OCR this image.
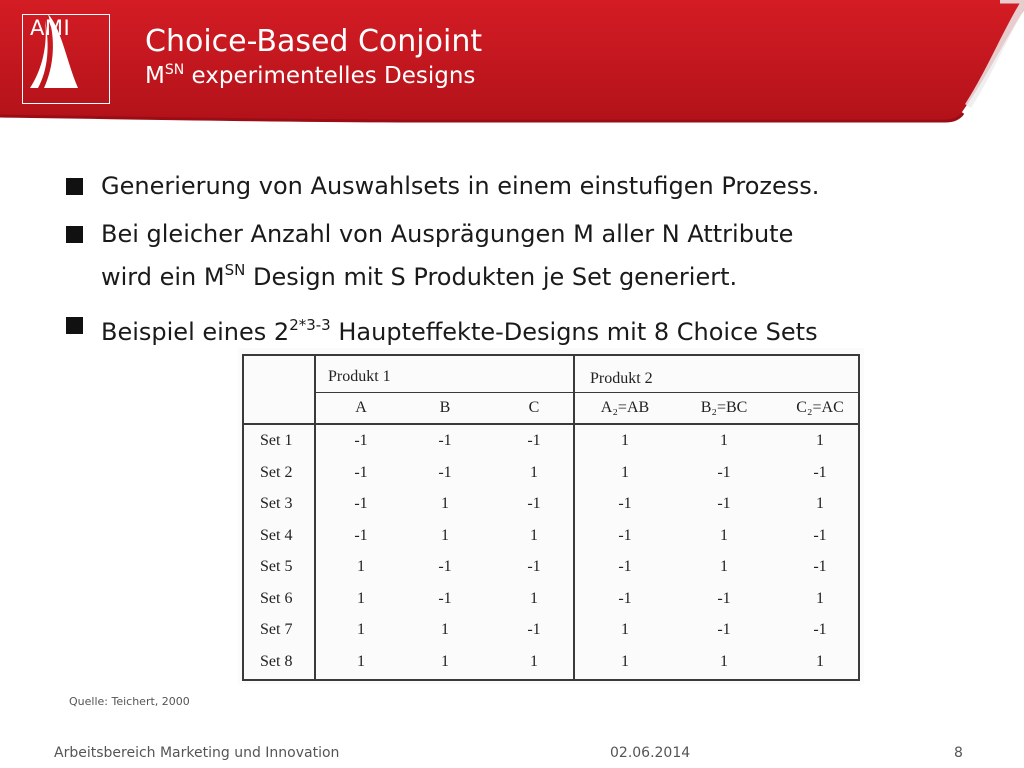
AMI Choice-Based Conjoint
$M^{SN}$ experimentelles Designs
Generierung von Auswahlsets in einem einstufigen Prozess.
Bei gleicher Anzahl von Ausprägungen M aller N Attribute
wird ein $M^{SN}$ Design mit S Produkten je Set generiert.
Beispiel eines $2^{2*3-3}$ Haupteffekte-Designs mit 8 Choice Sets
Produkt 1	Produkt 2
A	B	C	A₂=AB	B₂=BC	C₂=AC
Set 1	-1	-1	-1	1	1	1
Set 2	-1	-1	1	1	-1	-1
Set 3	-1	1	-1	-1	-1	1
Set 4	-1	1	1	-1	1	-1
Set 5	1	-1	-1	-1	1	-1
Set 6	1	-1	1	-1	-1	1
Set 7	1	1	-1	1	-1	-1
Set 8	1	1	1	1	1	1
Quelle: Teichert, 2000
Arbeitsbereich Marketing und Innovation	02.06.2014	8
